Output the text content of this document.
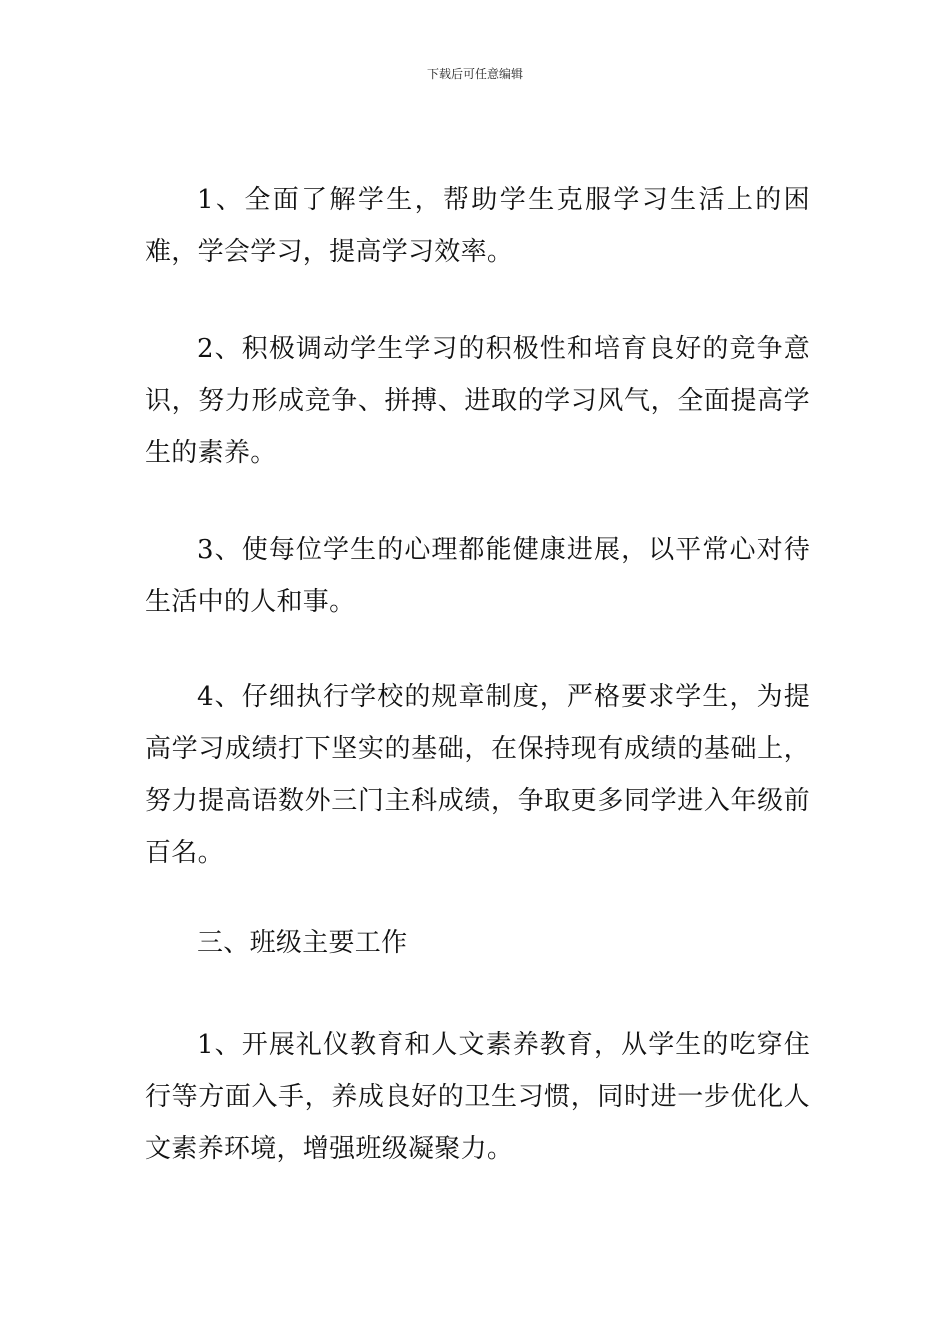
下载后可任意编辑

1、全面了解学生，帮助学生克服学习生活上的困难，学会学习，提高学习效率。

2、积极调动学生学习的积极性和培育良好的竞争意识，努力形成竞争、拼搏、进取的学习风气，全面提高学生的素养。

3、使每位学生的心理都能健康进展，以平常心对待生活中的人和事。

4、仔细执行学校的规章制度，严格要求学生，为提高学习成绩打下坚实的基础，在保持现有成绩的基础上，努力提高语数外三门主科成绩，争取更多同学进入年级前百名。

三、班级主要工作

1、开展礼仪教育和人文素养教育，从学生的吃穿住行等方面入手，养成良好的卫生习惯，同时进一步优化人文素养环境，增强班级凝聚力。
